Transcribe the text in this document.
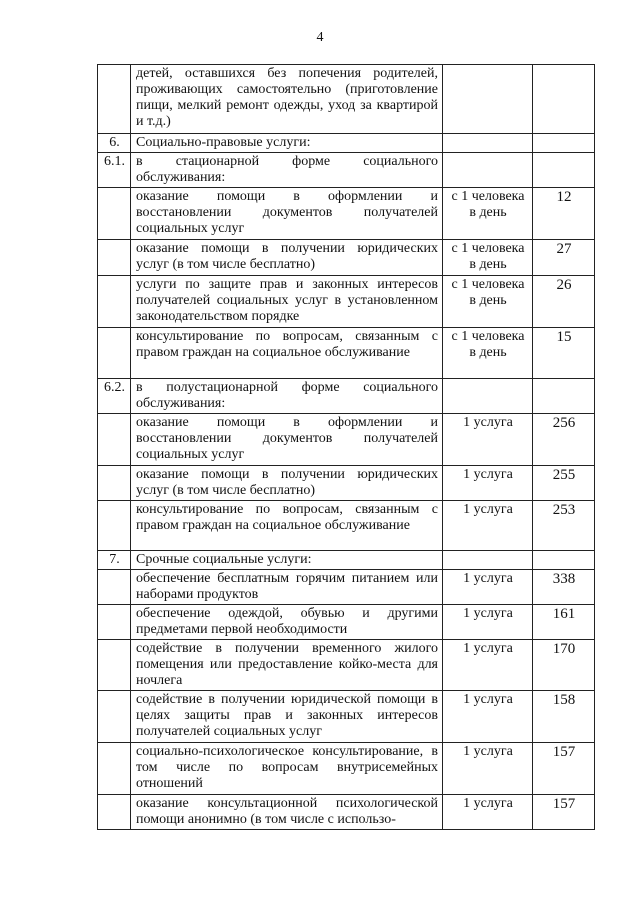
4
	детей, оставшихся без попечения родителей, проживающих самостоятельно (приготовление пищи, мелкий ремонт одежды, уход за квартирой и т.д.)		
6.	Социально-правовые услуги:		
6.1.	в стационарной форме социального обслуживания:		
	оказание помощи в оформлении и восстановлении документов получателей социальных услуг	с 1 человека в день	12
	оказание помощи в получении юридических услуг (в том числе бесплатно)	с 1 человека в день	27
	услуги по защите прав и законных интересов получателей социальных услуг в установленном законодательством порядке	с 1 человека в день	26
	консультирование по вопросам, связанным с правом граждан на социальное обслуживание	с 1 человека в день	15
6.2.	в полустационарной форме социального обслуживания:		
	оказание помощи в оформлении и восстановлении документов получателей социальных услуг	1 услуга	256
	оказание помощи в получении юридических услуг (в том числе бесплатно)	1 услуга	255
	консультирование по вопросам, связанным с правом граждан на социальное обслуживание	1 услуга	253
7.	Срочные социальные услуги:		
	обеспечение бесплатным горячим питанием или наборами продуктов	1 услуга	338
	обеспечение одеждой, обувью и другими предметами первой необходимости	1 услуга	161
	содействие в получении временного жилого помещения или предоставление койко-места для ночлега	1 услуга	170
	содействие в получении юридической помощи в целях защиты прав и законных интересов получателей социальных услуг	1 услуга	158
	социально-психологическое консультирование, в том числе по вопросам внутрисемейных отношений	1 услуга	157
	оказание консультационной психологической помощи анонимно (в том числе с использо-	1 услуга	157
